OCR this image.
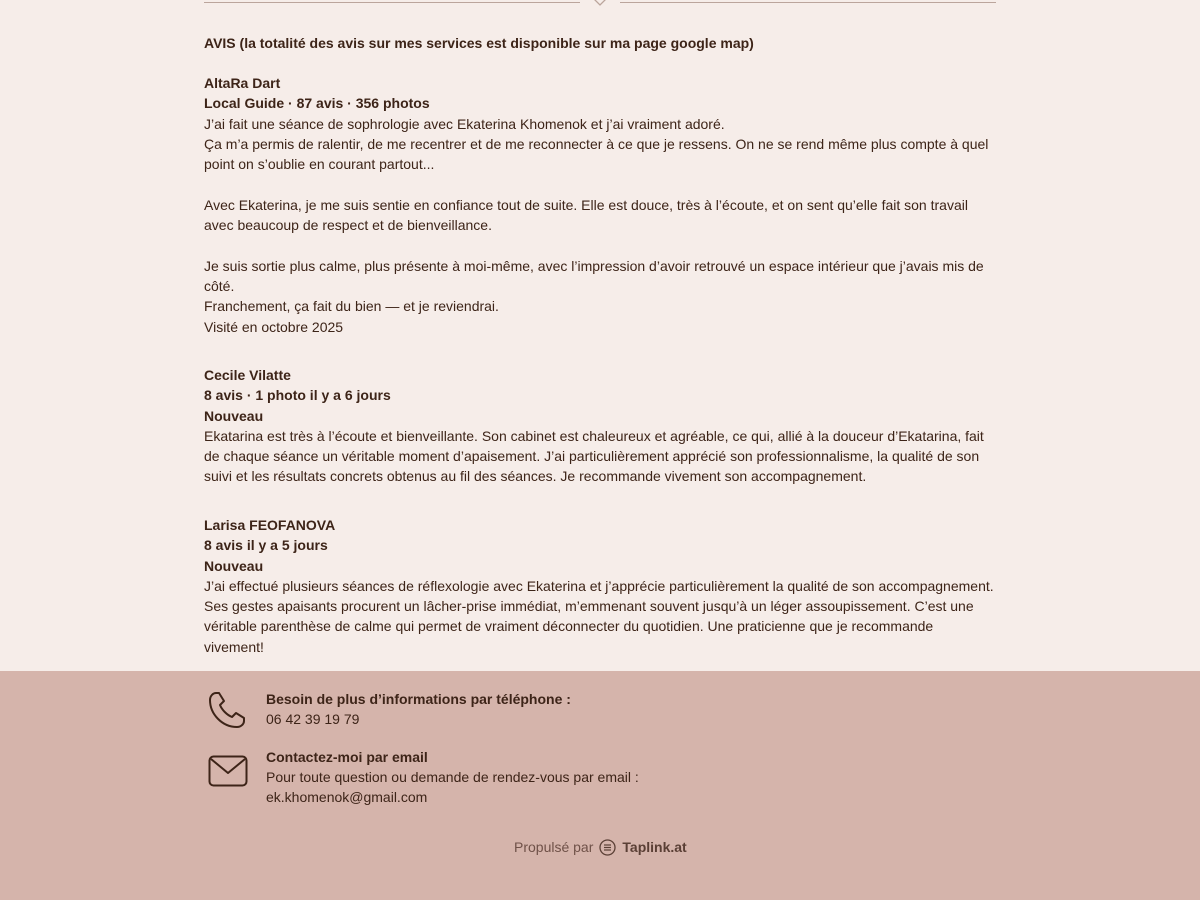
AVIS (la totalité des avis sur mes services est disponible sur ma page google map)

AltaRa Dart

Local Guide · 87 avis · 356 photos

J’ai fait une séance de sophrologie avec Ekaterina Khomenok et j’ai vraiment adoré.

Ça m’a permis de ralentir, de me recentrer et de me reconnecter à ce que je ressens. On ne se rend même plus compte à quel point on s’oublie en courant partout...

Avec Ekaterina, je me suis sentie en confiance tout de suite. Elle est douce, très à l’écoute, et on sent qu’elle fait son travail avec beaucoup de respect et de bienveillance.

Je suis sortie plus calme, plus présente à moi-même, avec l’impression d’avoir retrouvé un espace intérieur que j’avais mis de côté.

Franchement, ça fait du bien — et je reviendrai.

Visité en octobre 2025

Cecile Vilatte

8 avis · 1 photo il y a 6 jours

Nouveau

Ekatarina est très à l’écoute et bienveillante. Son cabinet est chaleureux et agréable, ce qui, allié à la douceur d’Ekatarina, fait de chaque séance un véritable moment d’apaisement. J’ai particulièrement apprécié son professionnalisme, la qualité de son suivi et les résultats concrets obtenus au fil des séances. Je recommande vivement son accompagnement.

Larisa FEOFANOVA

8 avis il y a 5 jours

Nouveau

J’ai effectué plusieurs séances de réflexologie avec Ekaterina et j’apprécie particulièrement la qualité de son accompagnement. Ses gestes apaisants procurent un lâcher-prise immédiat, m’emmenant souvent jusqu’à un léger assoupissement. C’est une véritable parenthèse de calme qui permet de vraiment déconnecter du quotidien. Une praticienne que je recommande vivement!

Besoin de plus d’informations par téléphone :
06 42 39 19 79
Contactez-moi par email
Pour toute question ou demande de rendez-vous par email :
ek.khomenok@gmail.com
Propulsé par Taplink.at
